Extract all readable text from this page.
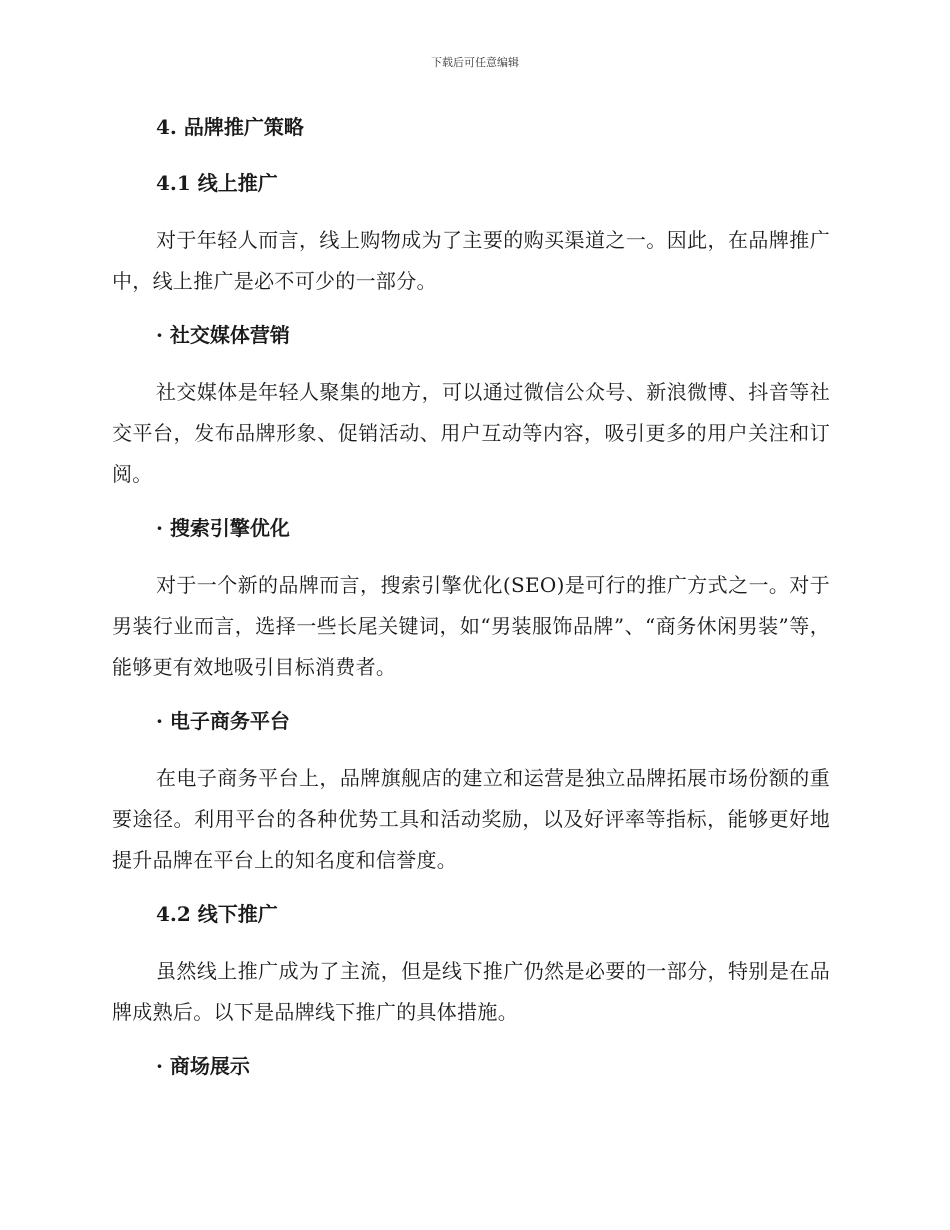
下载后可任意编辑
4. 品牌推广策略
4.1 线上推广

对于年轻人而言，线上购物成为了主要的购买渠道之一。因此，在品牌推广中，线上推广是必不可少的一部分。

· 社交媒体营销

社交媒体是年轻人聚集的地方，可以通过微信公众号、新浪微博、抖音等社交平台，发布品牌形象、促销活动、用户互动等内容，吸引更多的用户关注和订阅。

· 搜索引擎优化

对于一个新的品牌而言，搜索引擎优化(SEO)是可行的推广方式之一。对于男装行业而言，选择一些长尾关键词，如“男装服饰品牌”、“商务休闲男装”等，能够更有效地吸引目标消费者。

· 电子商务平台

在电子商务平台上，品牌旗舰店的建立和运营是独立品牌拓展市场份额的重要途径。利用平台的各种优势工具和活动奖励，以及好评率等指标，能够更好地提升品牌在平台上的知名度和信誉度。

4.2 线下推广

虽然线上推广成为了主流，但是线下推广仍然是必要的一部分，特别是在品牌成熟后。以下是品牌线下推广的具体措施。

· 商场展示
